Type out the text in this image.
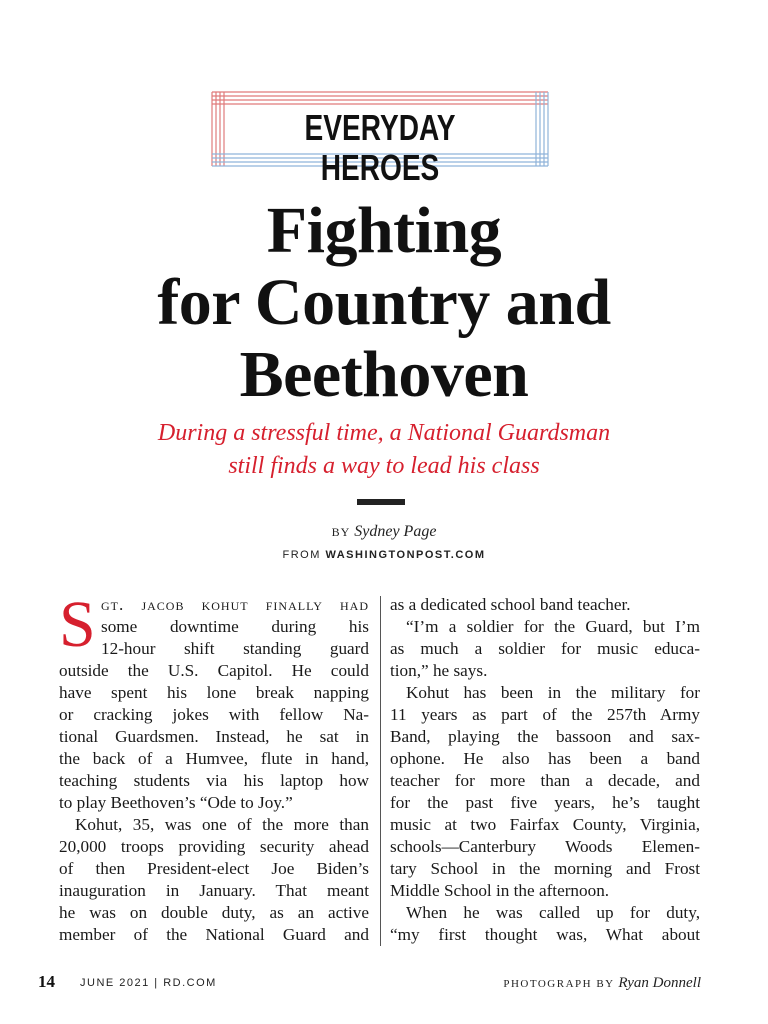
EVERYDAY HEROES
Fighting
for Country and
Beethoven
During a stressful time, a National Guardsman
still finds a way to lead his class
BY Sydney Page
FROM WASHINGTONPOST.COM
S gt. jacob kohut finally had
some downtime during his
12-hour shift standing guard
outside the U.S. Capitol. He could
have spent his lone break napping
or cracking jokes with fellow Na-
tional Guardsmen. Instead, he sat in
the back of a Humvee, flute in hand,
teaching students via his laptop how
to play Beethoven’s “Ode to Joy.”
Kohut, 35, was one of the more than
20,000 troops providing security ahead
of then President-elect Joe Biden’s
inauguration in January. That meant
he was on double duty, as an active
member of the National Guard and
as a dedicated school band teacher.
“I’m a soldier for the Guard, but I’m
as much a soldier for music educa-
tion,” he says.
Kohut has been in the military for
11 years as part of the 257th Army
Band, playing the bassoon and sax-
ophone. He also has been a band
teacher for more than a decade, and
for the past five years, he’s taught
music at two Fairfax County, Virginia,
schools—Canterbury Woods Elemen-
tary School in the morning and Frost
Middle School in the afternoon.
When he was called up for duty,
“my first thought was, What about
14 JUNE 2021 | RD.COM	PHOTOGRAPH BY Ryan Donnell
